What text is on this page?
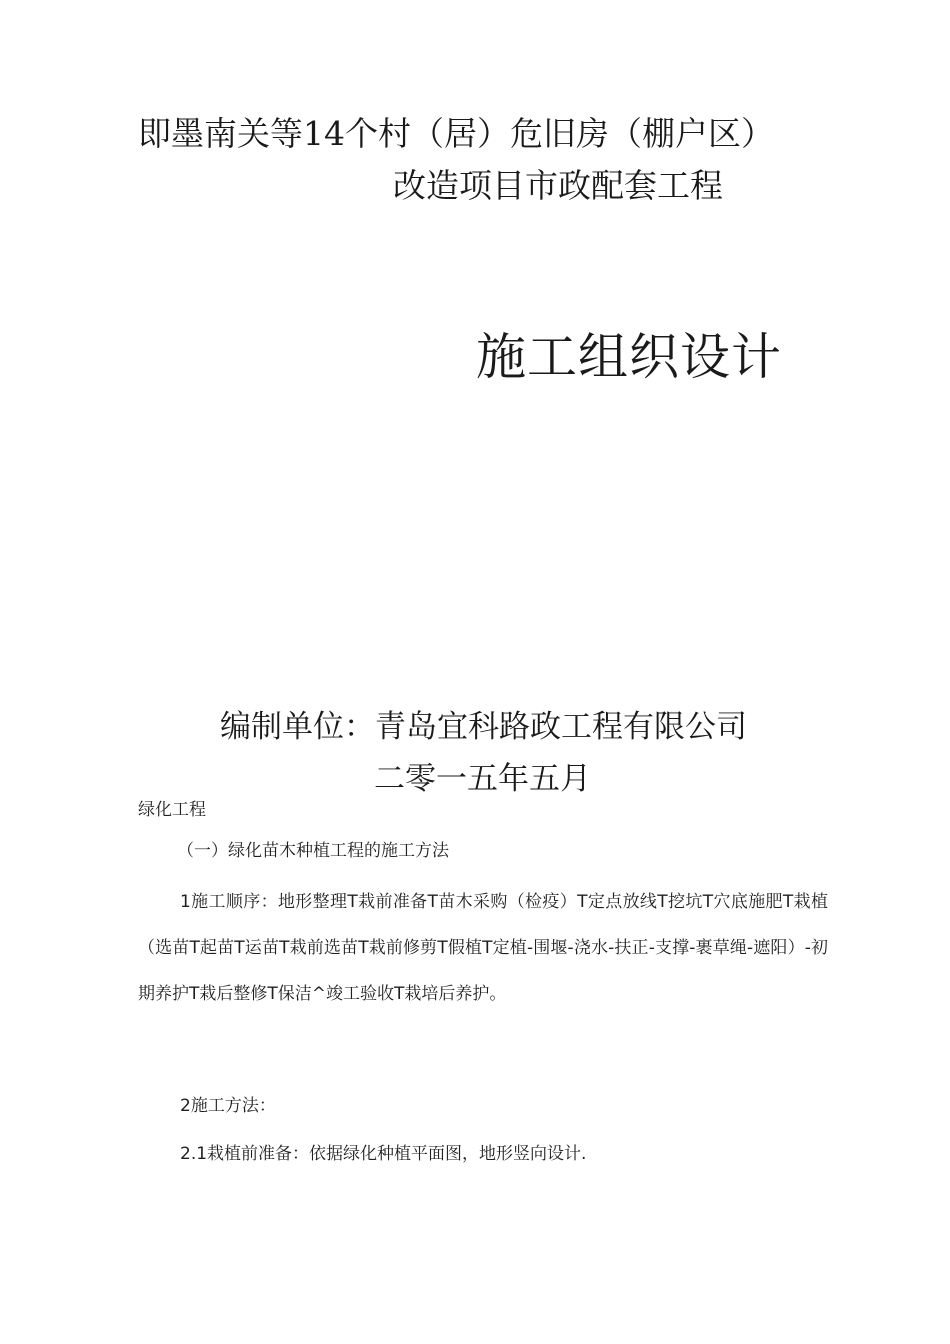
即墨南关等14个村（居）危旧房（棚户区）
改造项目市政配套工程
施工组织设计
编制单位：青岛宜科路政工程有限公司
二零一五年五月
绿化工程
（一）绿化苗木种植工程的施工方法
1施工顺序：地形整理T栽前准备T苗木采购（检疫）T定点放线T挖坑T穴底施肥T栽植（选苗T起苗T运苗T栽前选苗T栽前修剪T假植T定植-围堰-浇水-扶正-支撑-裹草绳-遮阳）-初期养护T栽后整修T保洁^竣工验收T栽培后养护。
2施工方法：
2.1栽植前准备：依据绿化种植平面图，地形竖向设计.
